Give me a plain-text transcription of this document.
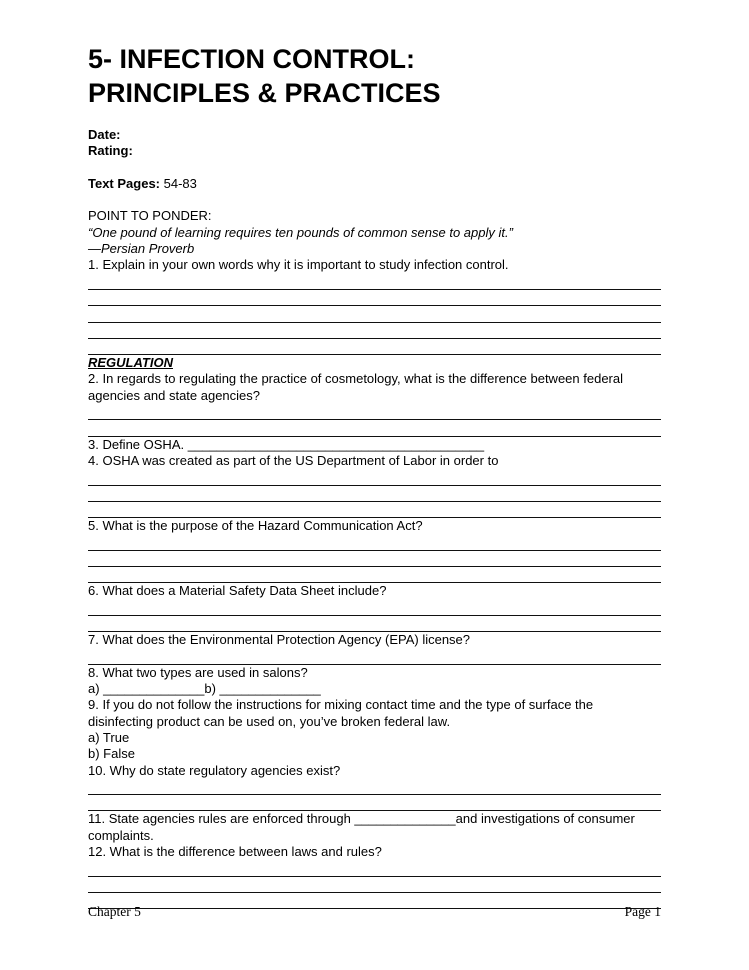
5- INFECTION CONTROL:
PRINCIPLES & PRACTICES

Date:

Rating:

Text Pages: 54-83

POINT TO PONDER:

“One pound of learning requires ten pounds of common sense to apply it.”

—Persian Proverb

1. Explain in your own words why it is important to study infection control.

REGULATION

2. In regards to regulating the practice of cosmetology, what is the difference between federal agencies and state agencies?

3. Define OSHA. _________________________________________

4. OSHA was created as part of the US Department of Labor in order to

5. What is the purpose of the Hazard Communication Act?

6. What does a Material Safety Data Sheet include?

7. What does the Environmental Protection Agency (EPA) license?

8. What two types are used in salons?

a) ______________b) ______________

9. If you do not follow the instructions for mixing contact time and the type of surface the disinfecting product can be used on, you’ve broken federal law.

a) True

b) False

10. Why do state regulatory agencies exist?

11. State agencies rules are enforced through ______________and investigations of consumer complaints.

12. What is the difference between laws and rules?

Chapter 5	Page 1
